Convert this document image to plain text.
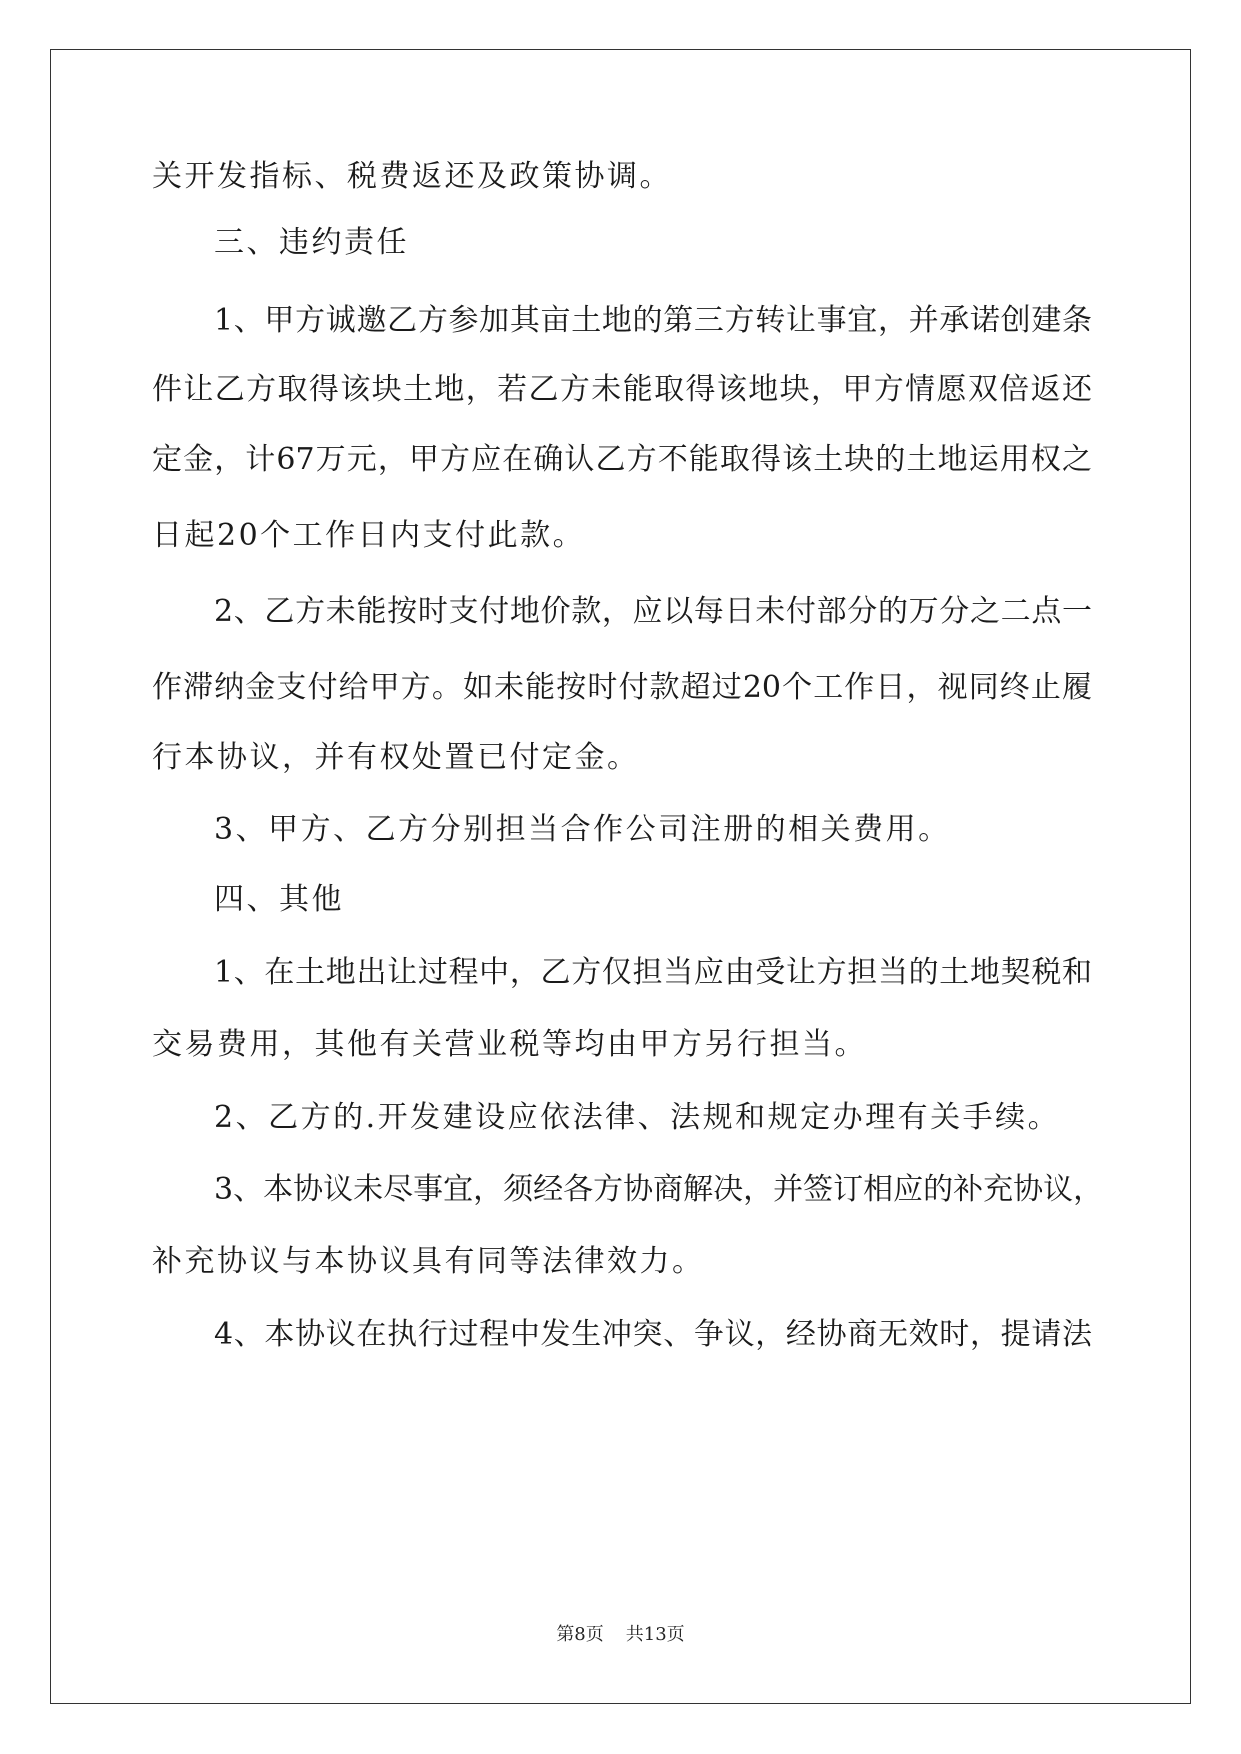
关开发指标、税费返还及政策协调。
三、违约责任
1、甲方诚邀乙方参加其亩土地的第三方转让事宜，并承诺创建条
件让乙方取得该块土地，若乙方未能取得该地块，甲方情愿双倍返还
定金，计67万元，甲方应在确认乙方不能取得该土块的土地运用权之
日起20个工作日内支付此款。
2、乙方未能按时支付地价款，应以每日未付部分的万分之二点一
作滞纳金支付给甲方。如未能按时付款超过20个工作日，视同终止履
行本协议，并有权处置已付定金。
3、甲方、乙方分别担当合作公司注册的相关费用。
四、其他
1、在土地出让过程中，乙方仅担当应由受让方担当的土地契税和
交易费用，其他有关营业税等均由甲方另行担当。
2、乙方的.开发建设应依法律、法规和规定办理有关手续。
3、本协议未尽事宜，须经各方协商解决，并签订相应的补充协议，
补充协议与本协议具有同等法律效力。
4、本协议在执行过程中发生冲突、争议，经协商无效时，提请法
第8页 共13页
